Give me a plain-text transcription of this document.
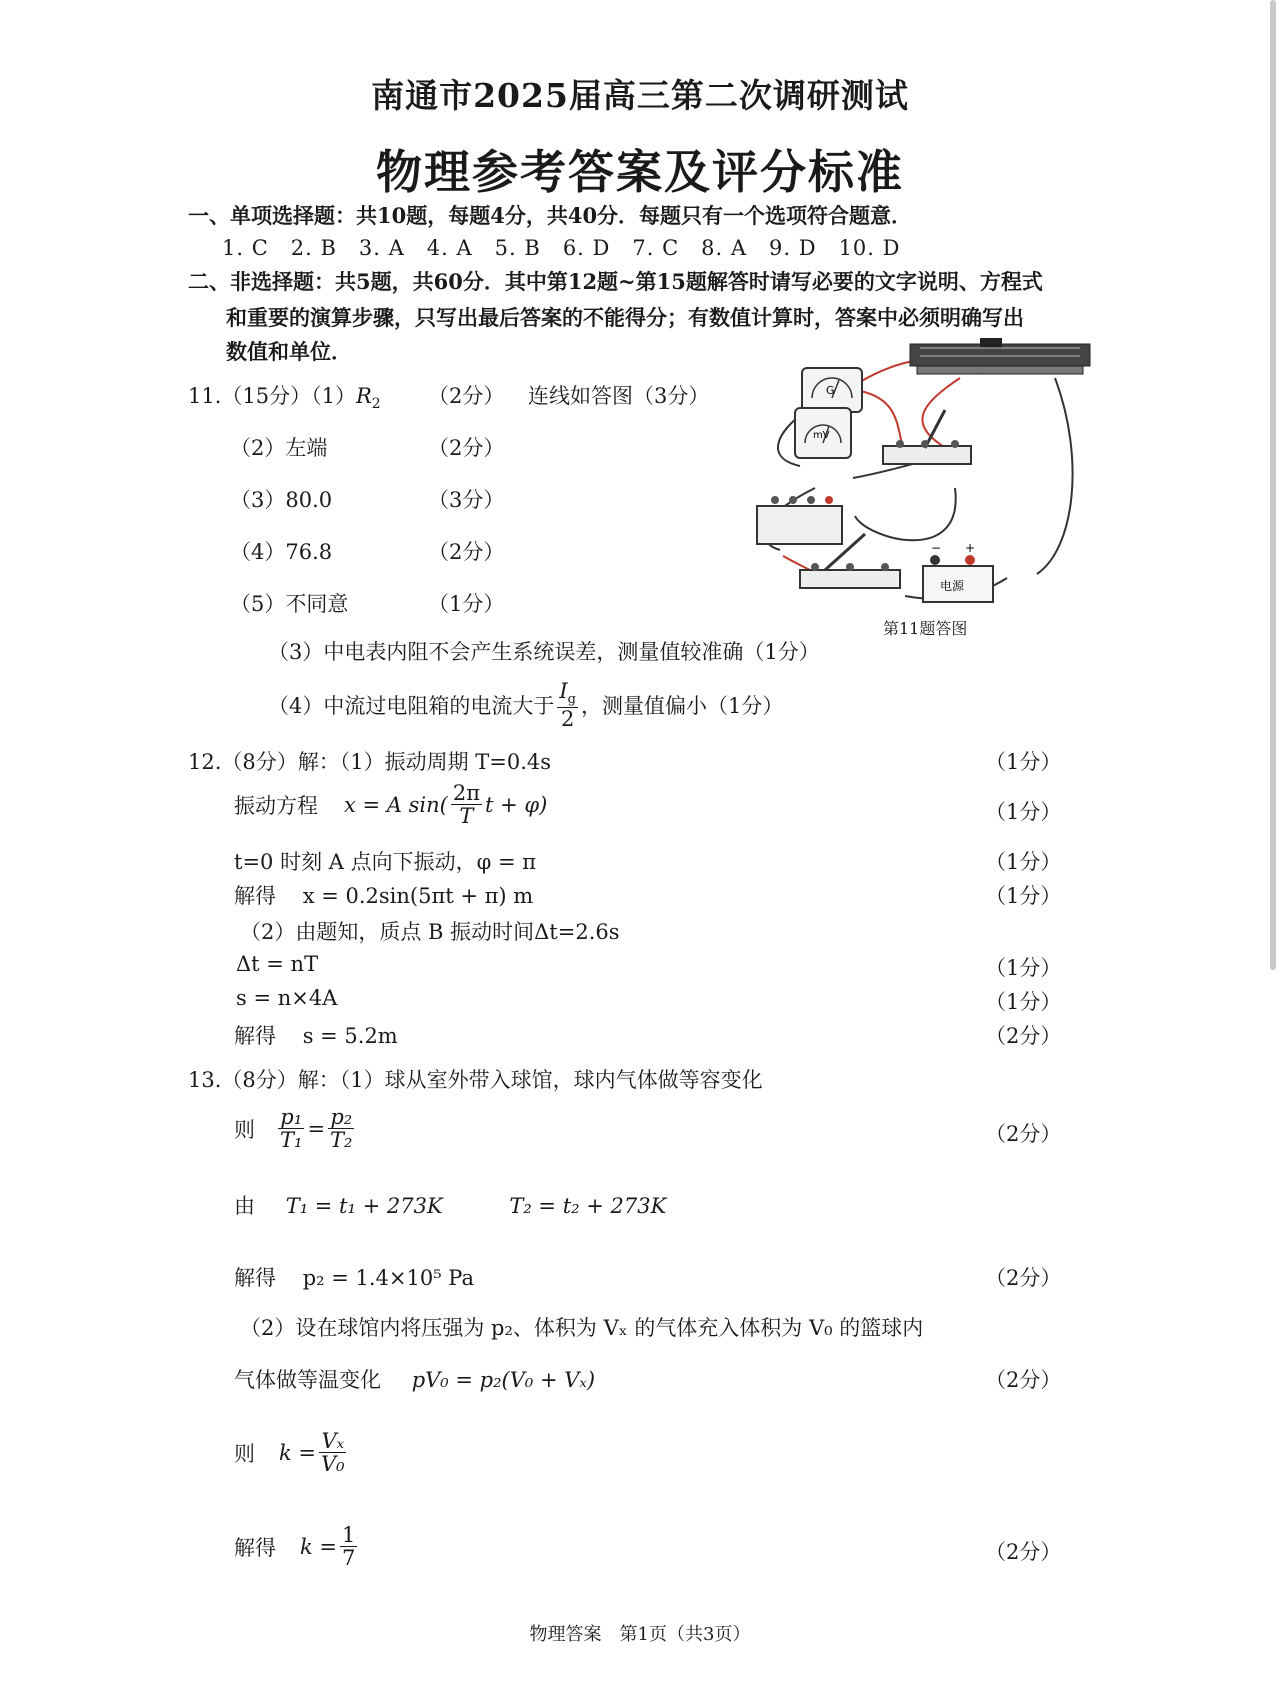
南通市2025届高三第二次调研测试
物理参考答案及评分标准
一、单项选择题：共10题，每题4分，共40分．每题只有一个选项符合题意．
1. C　2. B　3. A　4. A　5. B　6. D　7. C　8. A　9. D　10. D
二、非选择题：共5题，共60分．其中第12题~第15题解答时请写必要的文字说明、方程式
和重要的演算步骤，只写出最后答案的不能得分；有数值计算时，答案中必须明确写出
数值和单位．
11.（15分）$(1)R_2$ （2分） 连线如答图（3分）
（2）左端	（2分）
（3）80.0	（3分）
（4）76.8	（2分）
（5）不同意	（1分）
G
mV
电源
− +
第11题答图
（3）中电表内阻不会产生系统误差，测量值较准确（1分）
（4）中流过电阻箱的电流大于 $\frac{I_g}{2}$ ，测量值偏小（1分）
12.（8分）解：（1）振动周期 T=0.4s	（1分）
振动方程 x = A $\sin( \frac{2\pi}{T}$ t + φ)	（1分）
t=0 时刻 A 点向下振动，φ = π	（1分）
解得 x = 0.2sin(5πt + π) m	（1分）
（2）由题知，质点 B 振动时间Δt=2.6s
Δt = nT	（1分）
s = n×4A	（1分）
解得 s = 5.2m	（2分）
13.（8分）解：（1）球从室外带入球馆，球内气体做等容变化
则 $\frac{\text{p₁}}{\text{T₁}} = \frac{\text{p₂}}{\text{T₂}}$	（2分）
由 T₁ = t₁ + 273K	T₂ = t₂ + 273K
解得 p₂ = 1.4×10⁵ Pa	（2分）
（2）设在球馆内将压强为 p₂、体积为 Vₓ 的气体充入体积为 V₀ 的篮球内
气体做等温变化 pV₀ = p₂(V₀ + Vₓ)	（2分）
则 $k = \frac{\text{Vₓ}}{\text{V₀}}$
解得 $k = \frac{1}{7}$	（2分）
物理答案　第1页（共3页）
